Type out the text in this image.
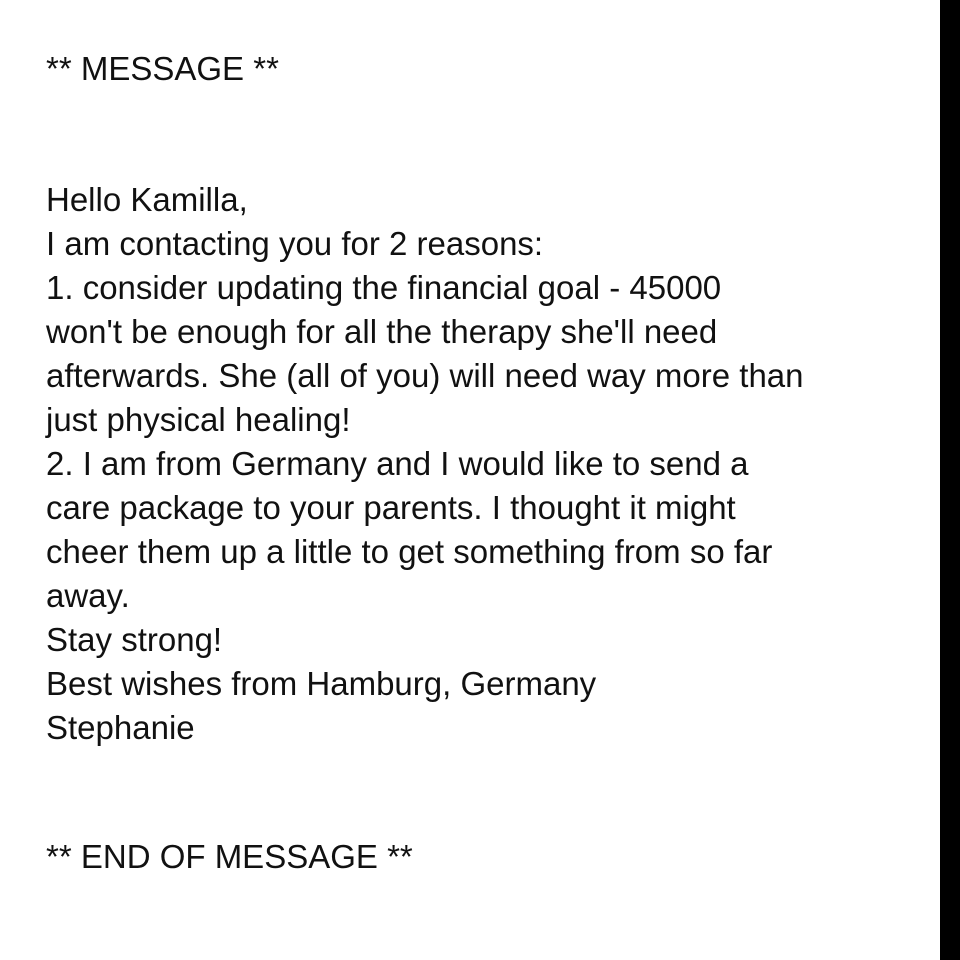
** MESSAGE **

Hello Kamilla,
I am contacting you for 2 reasons:
1. consider updating the financial goal - 45000
won't be enough for all the therapy she'll need
afterwards. She (all of you) will need way more than
just physical healing!
2. I am from Germany and I would like to send a
care package to your parents. I thought it might
cheer them up a little to get something from so far
away.
Stay strong!
Best wishes from Hamburg, Germany
Stephanie

** END OF MESSAGE **
